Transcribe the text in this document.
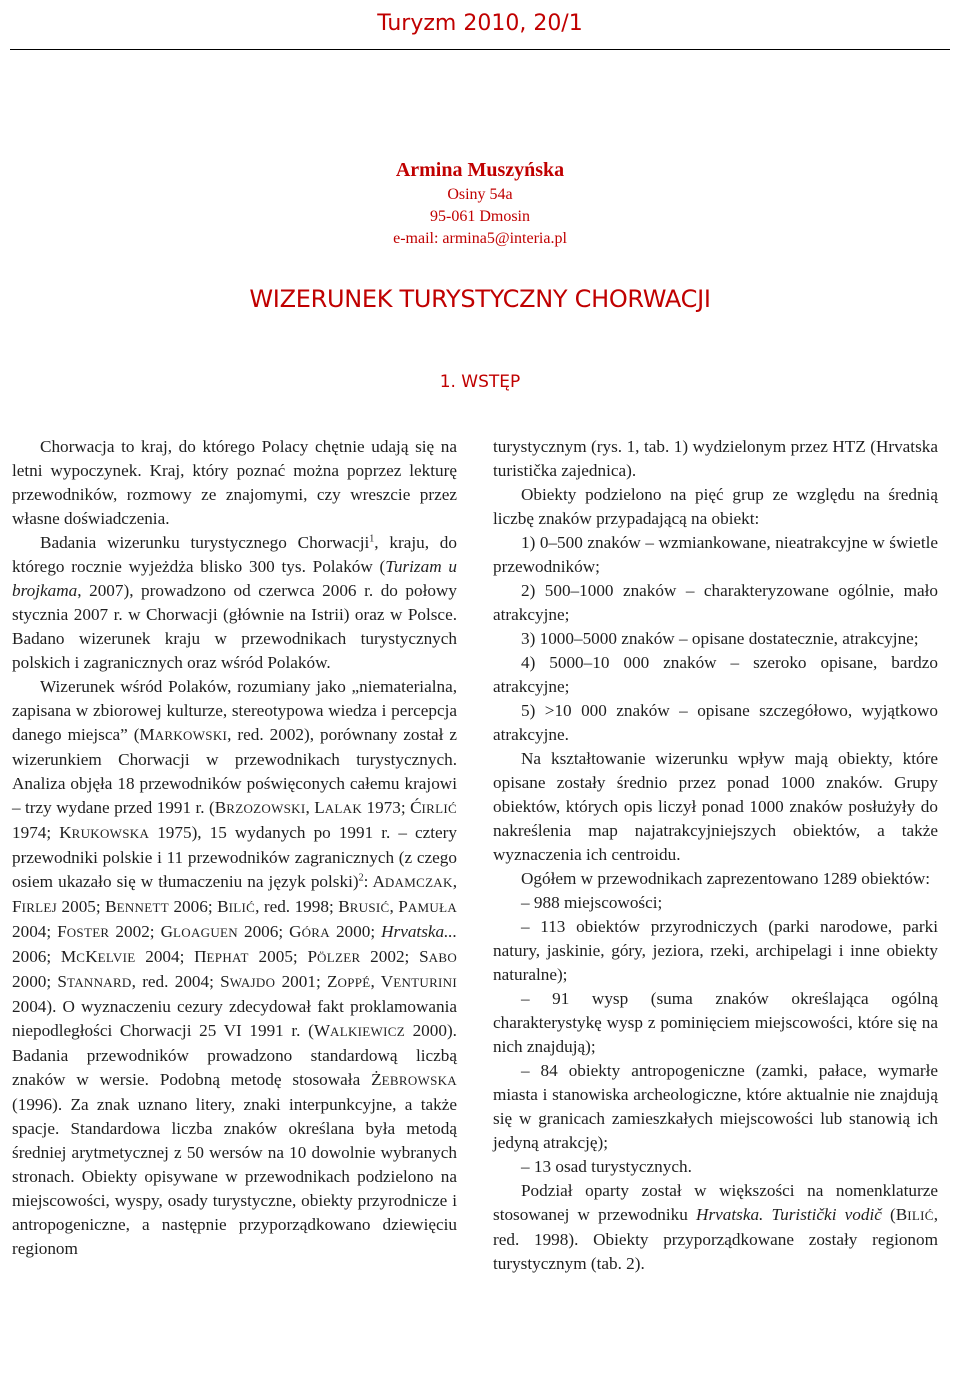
Turyzm 2010, 20/1
Armina Muszyńska
Osiny 54a
95-061 Dmosin
e-mail: armina5@interia.pl
WIZERUNEK TURYSTYCZNY CHORWACJI
1. WSTĘP

Chorwacja to kraj, do którego Polacy chętnie udają się na letni wypoczynek. Kraj, który poznać można poprzez lekturę przewodników, rozmowy ze znajomymi, czy wreszcie przez własne doświadczenia.

Badania wizerunku turystycznego Chorwacji$^1$, kraju, do którego rocznie wyjeżdża blisko 300 tys. Polaków (Turizam u brojkama, 2007), prowadzono od czerwca 2006 r. do połowy stycznia 2007 r. w Chorwacji (głównie na Istrii) oraz w Polsce. Badano wizerunek kraju w przewodnikach turystycznych polskich i zagranicznych oraz wśród Polaków.

Wizerunek wśród Polaków, rozumiany jako „niematerialna, zapisana w zbiorowej kulturze, stereotypowa wiedza i percepcja danego miejsca” (MARKOWSKI, red. 2002), porównany został z wizerunkiem Chorwacji w przewodnikach turystycznych. Analiza objęła 18 przewodników poświęconych całemu krajowi – trzy wydane przed 1991 r. (BRZOZOWSKI, LALAK 1973; ĆIRLIĆ 1974; KRUKOWSKA 1975), 15 wydanych po 1991 r. – cztery przewodniki polskie i 11 przewodników zagranicznych (z czego osiem ukazało się w tłumaczeniu na język polski)$^2$: ADAMCZAK, FIRLEJ 2005; BENNETT 2006; BILIĆ, red. 1998; BRUSIĆ, PAMUŁA 2004; FOSTER 2002; GLOAGUEN 2006; GÓRA 2000; Hrvatska... 2006; MCKELVIE 2004; ПЕРНАТ 2005; PÖLZER 2002; SABO 2000; STANNARD, red. 2004; SWAJDO 2001; ZOPPÉ, VENTURINI 2004). O wyznaczeniu cezury zdecydował fakt proklamowania niepodległości Chorwacji 25 VI 1991 r. (WALKIEWICZ 2000). Badania przewodników prowadzono standardową liczbą znaków w wersie. Podobną metodę stosowała ŻEBROWSKA (1996). Za znak uznano litery, znaki interpunkcyjne, a także spacje. Standardowa liczba znaków określana była metodą średniej arytmetycznej z 50 wersów na 10 dowolnie wybranych stronach. Obiekty opisywane w przewodnikach podzielono na miejscowości, wyspy, osady turystyczne, obiekty przyrodnicze i antropogeniczne, a następnie przyporządkowano dziewięciu regionom

turystycznym (rys. 1, tab. 1) wydzielonym przez HTZ (Hrvatska turistička zajednica).

Obiekty podzielono na pięć grup ze względu na średnią liczbę znaków przypadającą na obiekt:

1) 0–500 znaków – wzmiankowane, nieatrakcyjne w świetle przewodników;

2) 500–1000 znaków – charakteryzowane ogólnie, mało atrakcyjne;

3) 1000–5000 znaków – opisane dostatecznie, atrakcyjne;

4) 5000–10 000 znaków – szeroko opisane, bardzo atrakcyjne;

5) >10 000 znaków – opisane szczegółowo, wyjątkowo atrakcyjne.

Na kształtowanie wizerunku wpływ mają obiekty, które opisane zostały średnio przez ponad 1000 znaków. Grupy obiektów, których opis liczył ponad 1000 znaków posłużyły do nakreślenia map najatrakcyjniejszych obiektów, a także wyznaczenia ich centroidu.

Ogółem w przewodnikach zaprezentowano 1289 obiektów:

– 988 miejscowości;

– 113 obiektów przyrodniczych (parki narodowe, parki natury, jaskinie, góry, jeziora, rzeki, archipelagi i inne obiekty naturalne);

– 91 wysp (suma znaków określająca ogólną charakterystykę wysp z pominięciem miejscowości, które się na nich znajdują);

– 84 obiekty antropogeniczne (zamki, pałace, wymarłe miasta i stanowiska archeologiczne, które aktualnie nie znajdują się w granicach zamieszkałych miejscowości lub stanowią ich jedyną atrakcję);

– 13 osad turystycznych.

Podział oparty został w większości na nomenklaturze stosowanej w przewodniku Hrvatska. Turistički vodič (BILIĆ, red. 1998). Obiekty przyporządkowane zostały regionom turystycznym (tab. 2).
